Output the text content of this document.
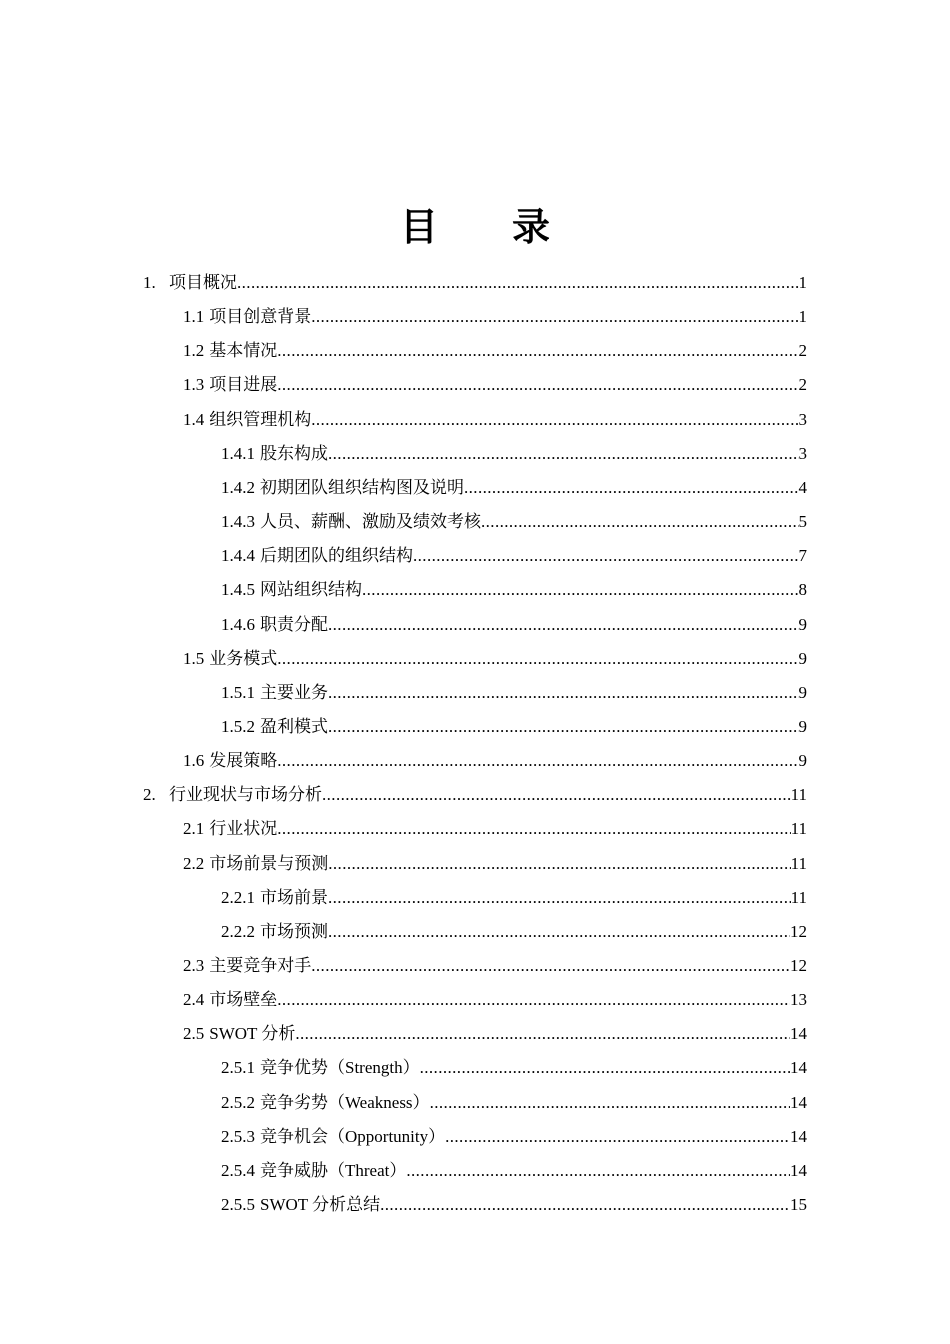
目 录
1. 项目概况 .....	1
1.1 项目创意背景 .....	1
1.2 基本情况 .....	2
1.3 项目进展 .....	2
1.4 组织管理机构 .....	3
1.4.1 股东构成 .....	3
1.4.2 初期团队组织结构图及说明 .....	4
1.4.3 人员、薪酬、激励及绩效考核 .....	5
1.4.4 后期团队的组织结构 .....	7
1.4.5 网站组织结构 .....	8
1.4.6 职责分配 .....	9
1.5 业务模式 .....	9
1.5.1 主要业务 .....	9
1.5.2 盈利模式 .....	9
1.6 发展策略 .....	9
2. 行业现状与市场分析 .....	11
2.1 行业状况 .....	11
2.2 市场前景与预测 .....	11
2.2.1 市场前景 .....	11
2.2.2 市场预测 .....	12
2.3 主要竞争对手 .....	12
2.4 市场壁垒 .....	13
2.5 SWOT 分析 .....	14
2.5.1 竞争优势（Strength） .....	14
2.5.2 竞争劣势（Weakness） .....	14
2.5.3 竞争机会（Opportunity） .....	14
2.5.4 竞争威胁（Threat） .....	14
2.5.5 SWOT 分析总结 .....	15
